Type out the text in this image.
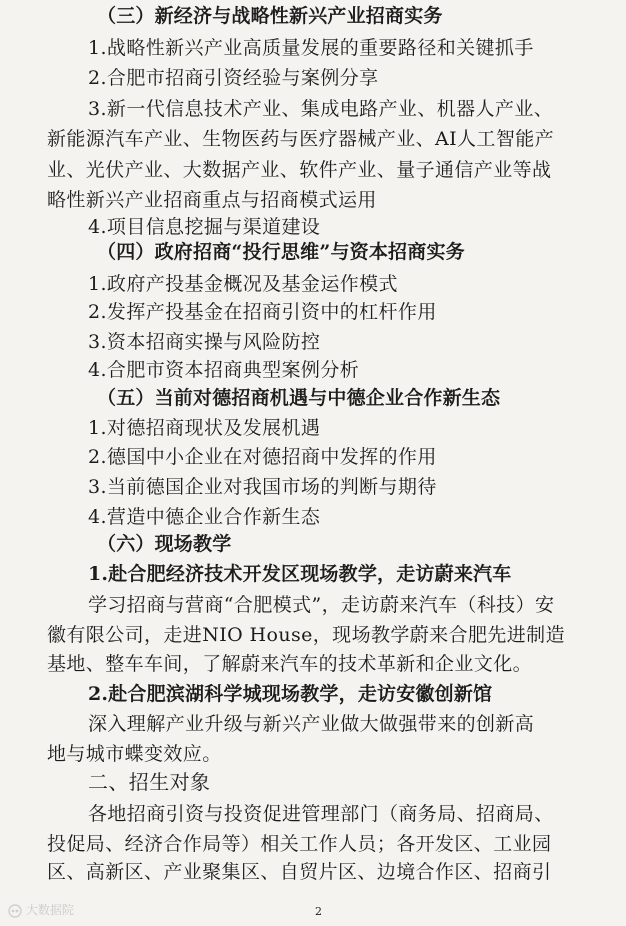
（三）新经济与战略性新兴产业招商实务
1.战略性新兴产业高质量发展的重要路径和关键抓手
2.合肥市招商引资经验与案例分享
3.新一代信息技术产业、集成电路产业、机器人产业、
新能源汽车产业、生物医药与医疗器械产业、AI人工智能产
业、光伏产业、大数据产业、软件产业、量子通信产业等战
略性新兴产业招商重点与招商模式运用
4.项目信息挖掘与渠道建设
（四）政府招商“投行思维”与资本招商实务
1.政府产投基金概况及基金运作模式
2.发挥产投基金在招商引资中的杠杆作用
3.资本招商实操与风险防控
4.合肥市资本招商典型案例分析
（五）当前对德招商机遇与中德企业合作新生态
1.对德招商现状及发展机遇
2.德国中小企业在对德招商中发挥的作用
3.当前德国企业对我国市场的判断与期待
4.营造中德企业合作新生态
（六）现场教学
1.赴合肥经济技术开发区现场教学，走访蔚来汽车
学习招商与营商“合肥模式”，走访蔚来汽车（科技）安
徽有限公司，走进NIO House，现场教学蔚来合肥先进制造
基地、整车车间，了解蔚来汽车的技术革新和企业文化。
2.赴合肥滨湖科学城现场教学，走访安徽创新馆
深入理解产业升级与新兴产业做大做强带来的创新高
地与城市蝶变效应。
二、招生对象
各地招商引资与投资促进管理部门（商务局、招商局、
投促局、经济合作局等）相关工作人员；各开发区、工业园
区、高新区、产业聚集区、自贸片区、边境合作区、招商引
2
大数据院
